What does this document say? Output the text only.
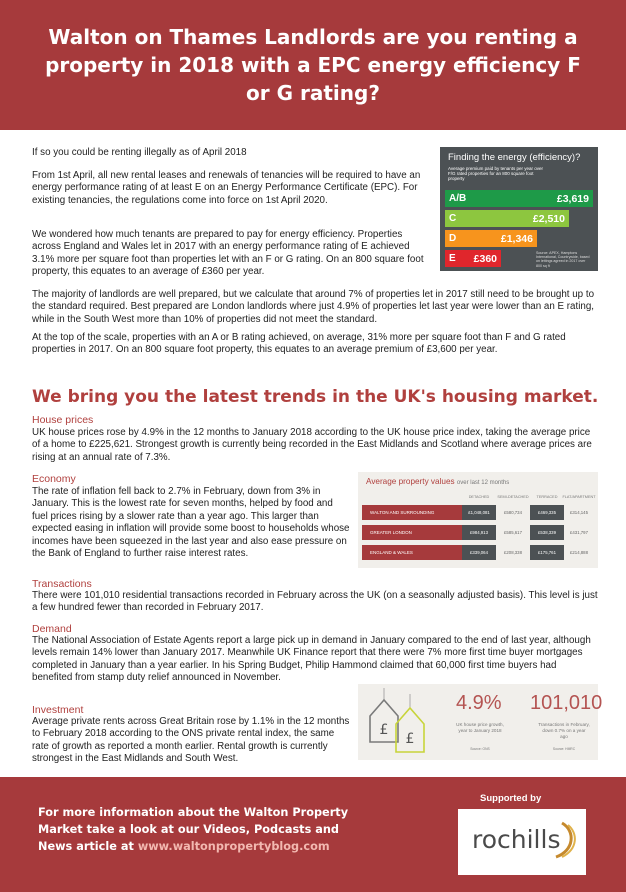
Walton on Thames Landlords are you renting a property in 2018 with a EPC energy efficiency F or G rating?

If so you could be renting illegally as of April 2018

From 1st April, all new rental leases and renewals of tenancies will be required to have an energy performance rating of at least E on an Energy Performance Certificate (EPC). For existing tenancies, the regulations come into force on 1st April 2020.

We wondered how much tenants are prepared to pay for energy efficiency. Properties across England and Wales let in 2017 with an energy performance rating of E achieved 3.1% more per square foot than properties let with an F or G rating. On an 800 square foot property, this equates to an average of £360 per year.

The majority of landlords are well prepared, but we calculate that around 7% of properties let in 2017 still need to be brought up to the standard required. Best prepared are London landlords where just 4.9% of properties let last year were lower than an E rating, while in the South West more than 10% of properties did not meet the standard.

At the top of the scale, properties with an A or B rating achieved, on average, 31% more per square foot than F and G rated properties in 2017. On an 800 square foot property, this equates to an average premium of £3,600 per year.

Finding the energy (efficiency)?
Average premium paid by tenants per year over F/G rated properties for an 800 square foot property
A/B	£3,619
C	£2,510
D	£1,346
E £360	Source: APEX, Hamptons International, Countrywide, based on lettings agreed in 2017 over 800 sq ft
We bring you the latest trends in the UK's housing market.

House prices

UK house prices rose by 4.9% in the 12 months to January 2018 according to the UK house price index, taking the average price of a home to £225,621. Strongest growth is currently being recorded in the East Midlands and Scotland where average prices are rising at an annual rate of 7.3%.

Economy

The rate of inflation fell back to 2.7% in February, down from 3% in January. This is the lowest rate for seven months, helped by food and fuel prices rising by a slower rate than a year ago. This larger than expected easing in inflation will provide some boost to households whose incomes have been squeezed in the last year and also ease pressure on the Bank of England to further raise interest rates.

Transactions

There were 101,010 residential transactions recorded in February across the UK (on a seasonally adjusted basis). This level is just a few hundred fewer than recorded in February 2017.

Demand

The National Association of Estate Agents report a large pick up in demand in January compared to the end of last year, although levels remain 14% lower than January 2017. Meanwhile UK Finance report that there were 7% more first time buyer mortgages completed in January than a year earlier. In his Spring Budget, Philip Hammond claimed that 60,000 first time buyers had benefited from stamp duty relief announced in November.

Investment

Average private rents across Great Britain rose by 1.1% in the 12 months to February 2018 according to the ONS private rental index, the same rate of growth as reported a month earlier. Rental growth is currently strongest in the East Midlands and South West.

Average property values over last 12 months
DETACHED	SEMI-DETACHED	TERRACED	FLAT/APARTMENT
WALTON AND SURROUNDING	£1,048,081	£580,734	£469,335	£314,145
GREATER LONDON	£984,913	£585,617	£538,339	£431,797
ENGLAND & WALES	£339,064	£208,338	£175,761	£214,888
£
£
4.9%
UK house price growth, year to January 2018
Source: ONS
101,010
Transactions in February, down 0.7% on a year ago
Source: HMRC
For more information about the Walton Property Market take a look at our Videos, Podcasts and News article at www.waltonpropertyblog.com
Supported by
rochills
